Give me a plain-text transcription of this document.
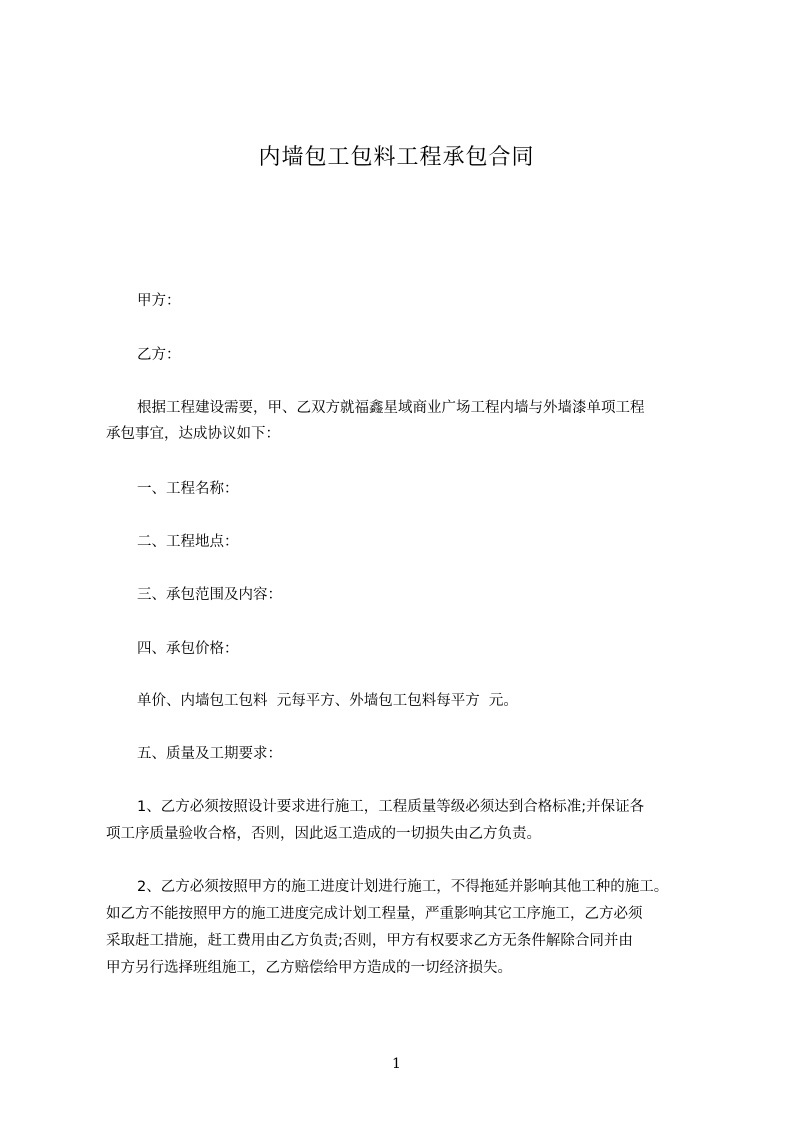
内墙包工包料工程承包合同
甲方：
乙方：
根据工程建设需要，甲、乙双方就福鑫星域商业广场工程内墙与外墙漆单项工程
承包事宜，达成协议如下：
一、工程名称：
二、工程地点：
三、承包范围及内容：
四、承包价格：
单价、内墙包工包料  元每平方、外墙包工包料每平方  元。
五、质量及工期要求：
1、乙方必须按照设计要求进行施工，工程质量等级必须达到合格标准;并保证各
项工序质量验收合格，否则，因此返工造成的一切损失由乙方负责。
2、乙方必须按照甲方的施工进度计划进行施工，不得拖延并影响其他工种的施工。
如乙方不能按照甲方的施工进度完成计划工程量，严重影响其它工序施工，乙方必须
采取赶工措施，赶工费用由乙方负责;否则，甲方有权要求乙方无条件解除合同并由
甲方另行选择班组施工，乙方赔偿给甲方造成的一切经济损失。
1
